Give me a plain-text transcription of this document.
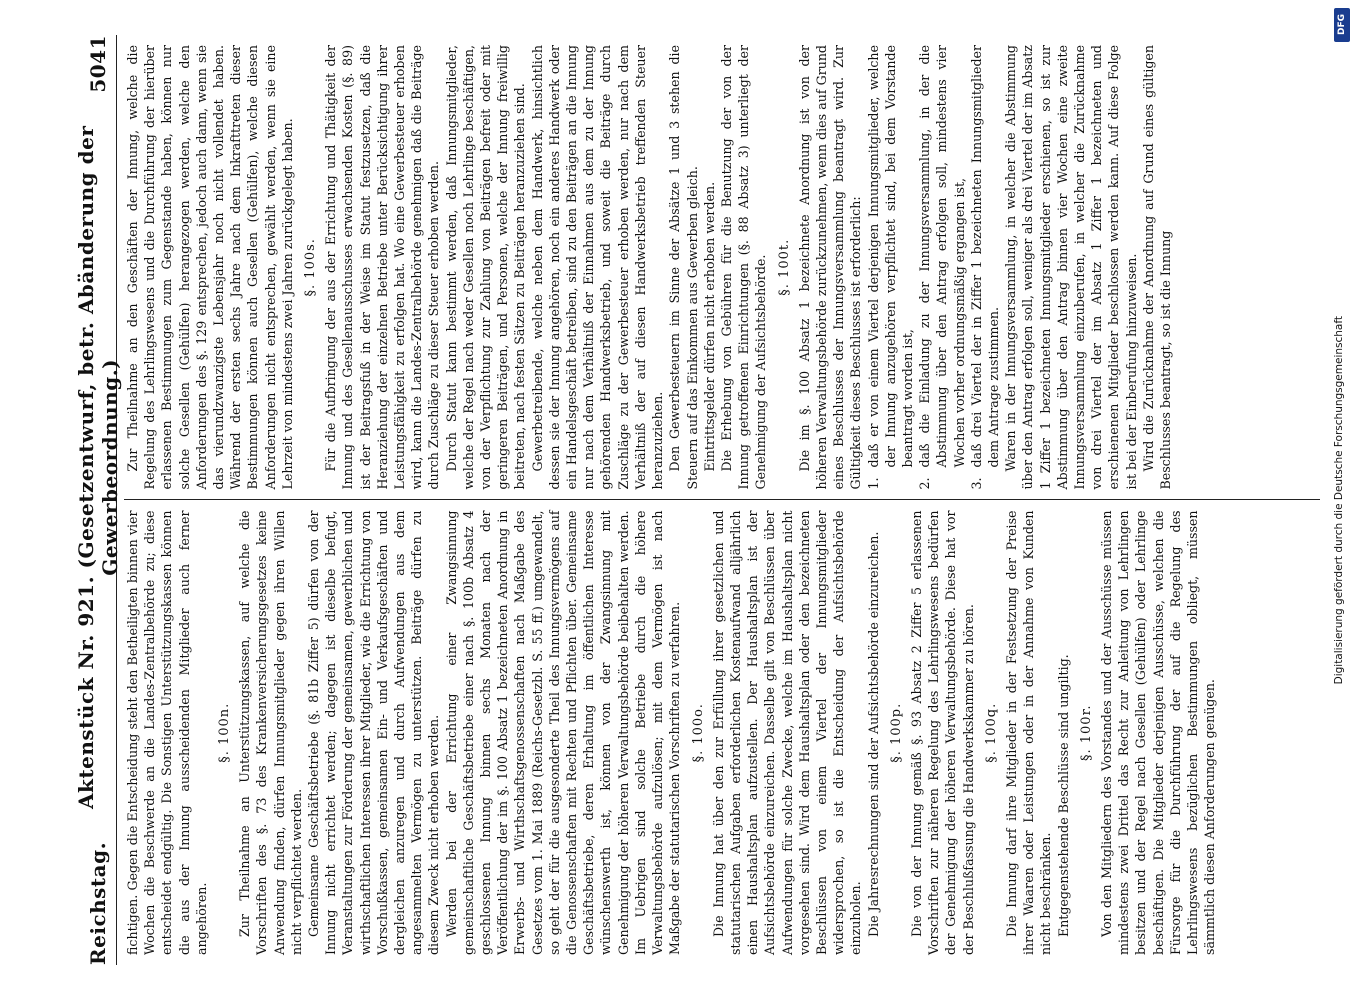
Reichstag.
Aktenstück Nr. 921. (Gesetzentwurf, betr. Abänderung der Gewerbeordnung.)
5041

fichtigen. Gegen die Entscheidung steht den Betheiligten binnen vier Wochen die Beschwerde an die Landes-Zentralbehörde zu; diese entscheidet endgültig. Die Sonstigen Unterstützungskassen können die aus der Innung ausscheidenden Mitglieder auch ferner angehören.

§. 100n. Zur Theilnahme an Unterstützungskassen, auf welche die Vorschriften des §. 73 des Krankenversicherungsgesetzes keine Anwendung finden, dürfen Innungsmitglieder gegen ihren Willen nicht verpflichtet werden. Gemeinsame Geschäftsbetriebe (§. 81b Ziffer 5) dürfen von der Innung nicht errichtet werden; dagegen ist dieselbe befugt, Veranstaltungen zur Förderung der gemeinsamen, gewerblichen und wirthschaftlichen Interessen ihrer Mitglieder, wie die Errichtung von Vorschußkassen, gemeinsamen Ein- und Verkaufsgeschäften und dergleichen anzuregen und durch Aufwendungen aus dem angesammelten Vermögen zu unterstützen. Beiträge dürfen zu diesem Zweck nicht erhoben werden. Werden bei der Errichtung einer Zwangsinnung gemeinschaftliche Geschäftsbetriebe einer nach §. 100b Absatz 4 geschlossenen Innung binnen sechs Monaten nach der Veröffentlichung der im §. 100 Absatz 1 bezeichneten Anordnung in Erwerbs- und Wirthschaftsgenossenschaften nach Maßgabe des Gesetzes vom 1. Mai 1889 (Reichs-Gesetzbl. S. 55 ff.) umgewandelt, so geht der für die ausgesonderte Theil des Innungsvermögens auf die Genossenschaften mit Rechten und Pflichten über. Gemeinsame Geschäftsbetriebe, deren Erhaltung im öffentlichen Interesse wünschenswerth ist, können von der Zwangsinnung mit Genehmigung der höheren Verwaltungsbehörde beibehalten werden. Im Uebrigen sind solche Betriebe durch die höhere Verwaltungsbehörde aufzulösen; mit dem Vermögen ist nach Maßgabe der statutarischen Vorschriften zu verfahren. §. 100o. Die Innung hat über den zur Erfüllung ihrer gesetzlichen und statutarischen Aufgaben erforderlichen Kostenaufwand alljährlich einen Haushaltsplan aufzustellen. Der Haushaltsplan ist der Aufsichtsbehörde einzureichen. Dasselbe gilt von Beschlüssen über Aufwendungen für solche Zwecke, welche im Haushaltsplan nicht vorgesehen sind. Wird dem Haushaltsplan oder den bezeichneten Beschlüssen von einem Viertel der Innungsmitglieder widersprochen, so ist die Entscheidung der Aufsichtsbehörde einzuholen. Die Jahresrechnungen sind der Aufsichtsbehörde einzureichen. §. 100p. Die von der Innung gemäß §. 93 Absatz 2 Ziffer 5 erlassenen Vorschriften zur näheren Regelung des Lehrlingswesens bedürfen der Genehmigung der höheren Verwaltungsbehörde. Diese hat vor der Beschlußfassung die Handwerkskammer zu hören. §. 100q. Die Innung darf ihre Mitglieder in der Festsetzung der Preise ihrer Waaren oder Leistungen oder in der Annahme von Kunden nicht beschränken. Entgegenstehende Beschlüsse sind ungiltig. §. 100r. Von den Mitgliedern des Vorstandes und der Ausschüsse müssen mindestens zwei Drittel das Recht zur Anleitung von Lehrlingen besitzen und der Regel nach Gesellen (Gehülfen) oder Lehrlinge beschäftigen. Die Mitglieder derjenigen Ausschüsse, welchen die Fürsorge für die Durchführung der auf die Regelung des Lehrlingswesens bezüglichen Bestimmungen obliegt, müssen sämmtlich diesen Anforderungen genügen.

Zur Theilnahme an den Geschäften der Innung, welche die Regelung des Lehrlingswesens und die Durchführung der hierüber erlassenen Bestimmungen zum Gegenstande haben, können nur solche Gesellen (Gehülfen) herangezogen werden, welche den Anforderungen des §. 129 entsprechen, jedoch auch dann, wenn sie das vierundzwanzigste Lebensjahr noch nicht vollendet haben. Während der ersten sechs Jahre nach dem Inkrafttreten dieser Bestimmungen können auch Gesellen (Gehülfen), welche diesen Anforderungen nicht entsprechen, gewählt werden, wenn sie eine Lehrzeit von mindestens zwei Jahren zurückgelegt haben. §. 100s. Für die Aufbringung der aus der Errichtung und Thätigkeit der Innung und des Gesellenausschusses erwachsenden Kosten (§. 89) ist der Beitragsfuß in der Weise im Statut festzusetzen, daß die Heranziehung der einzelnen Betriebe unter Berücksichtigung ihrer Leistungsfähigkeit zu erfolgen hat. Wo eine Gewerbesteuer erhoben wird, kann die Landes-Zentralbehörde genehmigen daß die Beiträge durch Zuschläge zu dieser Steuer erhoben werden. Durch Statut kann bestimmt werden, daß Innungsmitglieder, welche der Regel nach weder Gesellen noch Lehrlinge beschäftigen, von der Verpflichtung zur Zahlung von Beiträgen befreit oder mit geringeren Beiträgen, und Personen, welche der Innung freiwillig beitreten, nach festen Sätzen zu Beiträgen heranzuziehen sind. Gewerbetreibende, welche neben dem Handwerk, hinsichtlich dessen sie der Innung angehören, noch ein anderes Handwerk oder ein Handelsgeschäft betreiben, sind zu den Beiträgen an die Innung nur nach dem Verhältniß der Einnahmen aus dem zu der Innung gehörenden Handwerksbetrieb, und soweit die Beiträge durch Zuschläge zu der Gewerbesteuer erhoben werden, nur nach dem Verhältniß der auf diesen Handwerksbetrieb treffenden Steuer heranzuziehen. Den Gewerbesteuern im Sinne der Absätze 1 und 3 stehen die Steuern auf das Einkommen aus Gewerben gleich. Eintrittsgelder dürfen nicht erhoben werden. Die Erhebung von Gebühren für die Benutzung der von der Innung getroffenen Einrichtungen (§. 88 Absatz 3) unterliegt der Genehmigung der Aufsichtsbehörde. §. 100t. Die im §. 100 Absatz 1 bezeichnete Anordnung ist von der höheren Verwaltungsbehörde zurückzunehmen, wenn dies auf Grund eines Beschlusses der Innungsversammlung beantragt wird. Zur Gültigkeit dieses Beschlusses ist erforderlich: 1.
daß er von einem Viertel derjenigen Innungsmitglieder, welche der Innung anzugehören verpflichtet sind, bei dem Vorstande beantragt worden ist,
2.
daß die Einladung zu der Innungsversammlung, in der die Abstimmung über den Antrag erfolgen soll, mindestens vier Wochen vorher ordnungsmäßig ergangen ist,
3.
daß drei Viertel der in Ziffer 1 bezeichneten Innungsmitglieder dem Antrage zustimmen. Waren in der Innungsversammlung, in welcher die Abstimmung über den Antrag erfolgen soll, weniger als drei Viertel der im Absatz 1 Ziffer 1 bezeichneten Innungsmitglieder erschienen, so ist zur Abstimmung über den Antrag binnen vier Wochen eine zweite Innungsversammlung einzuberufen, in welcher die Zurücknahme von drei Viertel der im Absatz 1 Ziffer 1 bezeichneten und erschienenen Mitglieder beschlossen werden kann. Auf diese Folge ist bei der Einberufung hinzuweisen. Wird die Zurücknahme der Anordnung auf Grund eines gültigen Beschlusses beantragt, so ist die Innung

DFG
Digitalisierung gefördert durch die Deutsche Forschungsgemeinschaft
